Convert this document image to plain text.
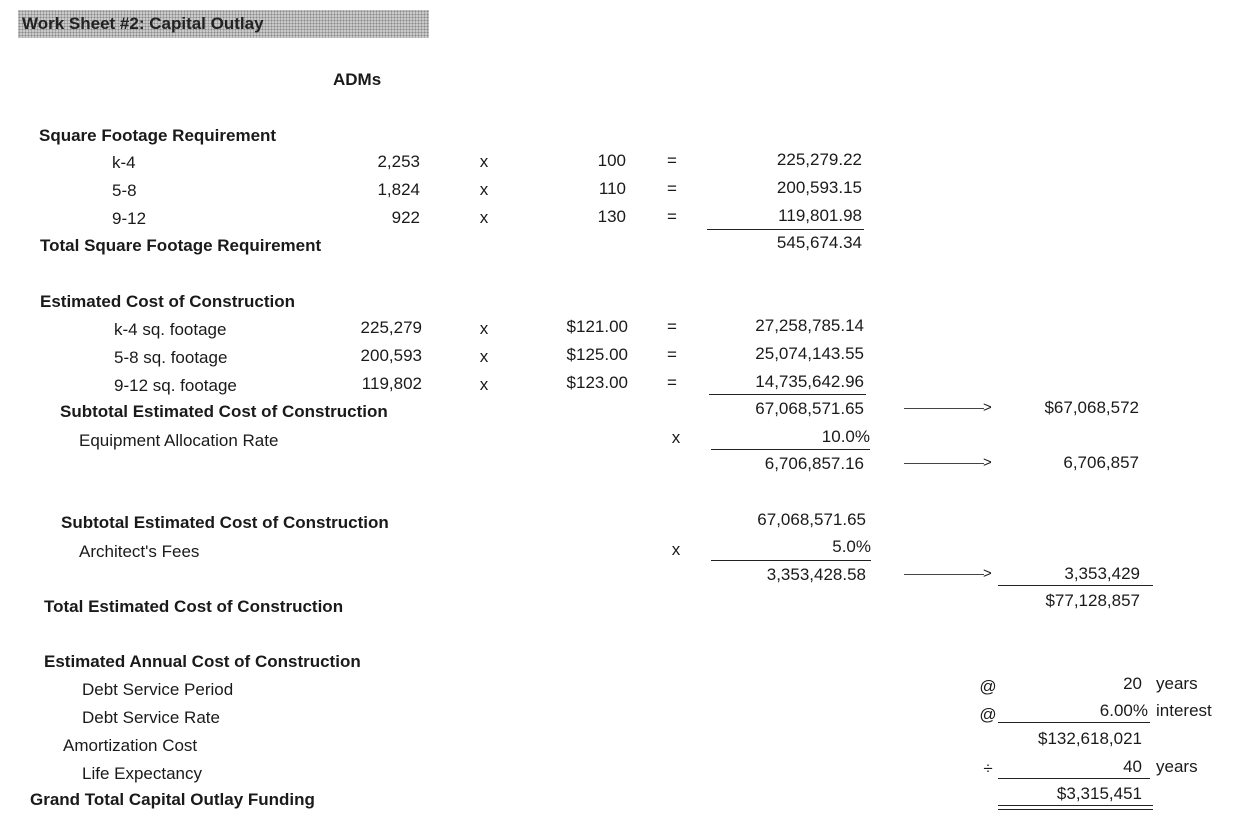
Work Sheet #2: Capital Outlay
ADMs
Square Footage Requirement
k-4	2,253	x	100 =	225,279.22
5-8	1,824	x	110 =	200,593.15
9-12	922	x	130 =	119,801.98
Total Square Footage Requirement	545,674.34
Estimated Cost of Construction
k-4 sq. footage	225,279	x	$121.00 =	27,258,785.14
5-8 sq. footage	200,593	x	$125.00 =	25,074,143.55
9-12 sq. footage	119,802	x	$123.00 =	14,735,642.96
Subtotal Estimated Cost of Construction	67,068,571.65	>	$67,068,572
Equipment Allocation Rate	x	10.0%
6,706,857.16	>	6,706,857
Subtotal Estimated Cost of Construction	67,068,571.65
Architect's Fees	x	5.0%
3,353,428.58	>	3,353,429
Total Estimated Cost of Construction	$77,128,857
Estimated Annual Cost of Construction
Debt Service Period	@	20 years
Debt Service Rate	@	6.00% interest
Amortization Cost	$132,618,021
Life Expectancy	÷	40 years
Grand Total Capital Outlay Funding	$3,315,451
